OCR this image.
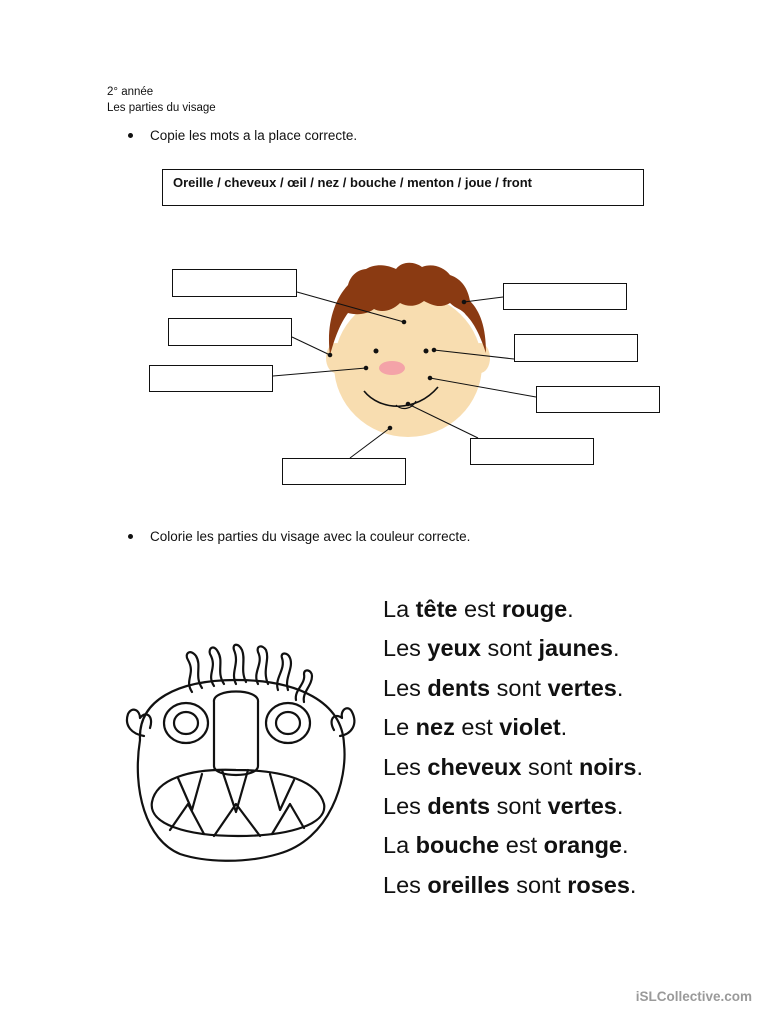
2° année
Les parties du visage
Copie les mots a la place correcte.
Oreille / cheveux / œil / nez / bouche / menton / joue / front
Colorie les parties du visage avec la couleur correcte.
La tête est rouge.
Les yeux sont jaunes.
Les dents sont vertes.
Le nez est violet.
Les cheveux sont noirs.
Les dents sont vertes.
La bouche est orange.
Les oreilles sont roses.
iSLCollective.com
